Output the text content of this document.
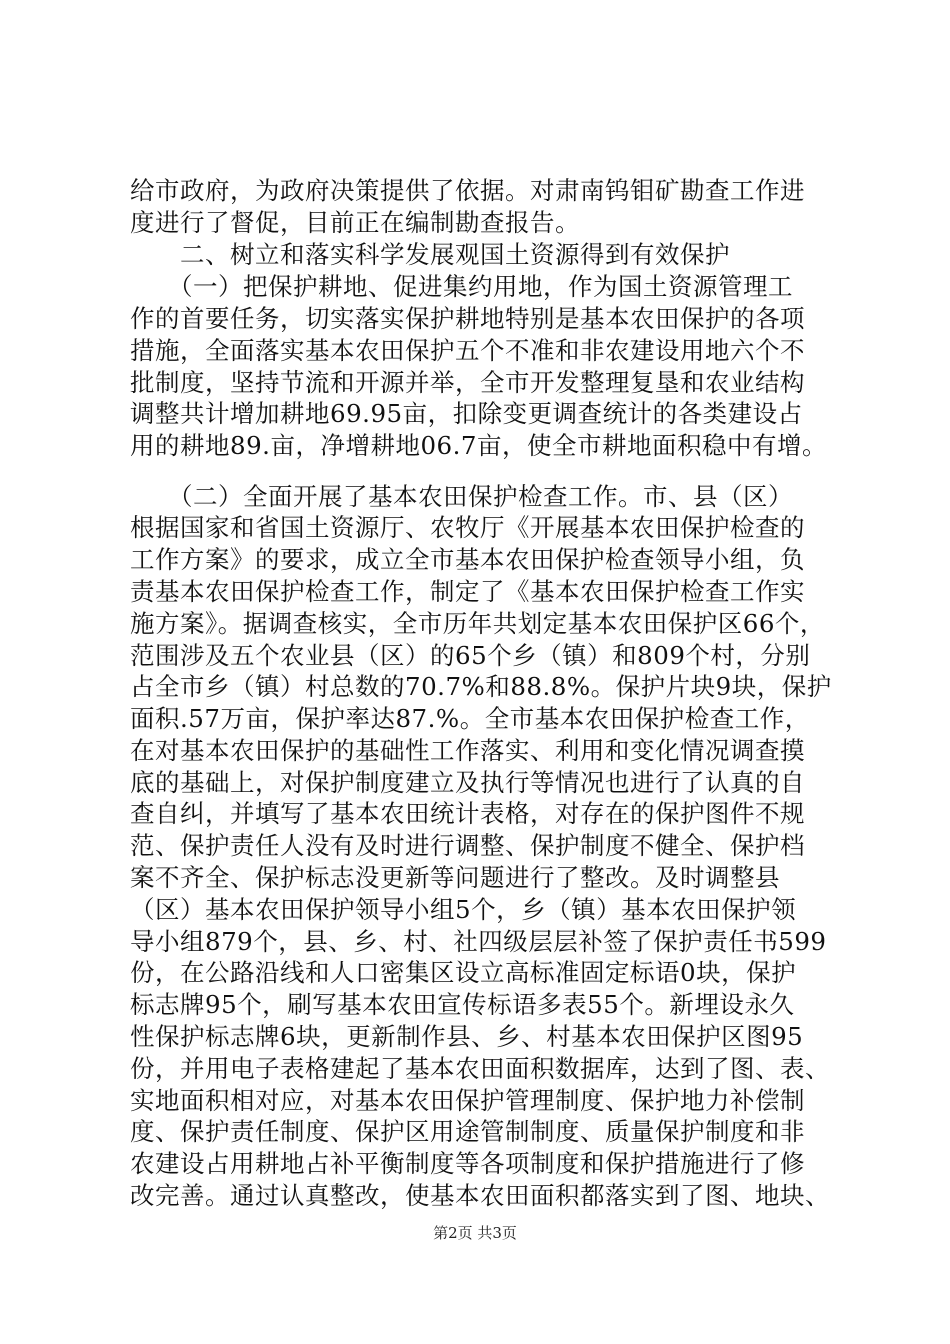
给市政府，为政府决策提供了依据。对肃南钨钼矿勘查工作进
度进行了督促，目前正在编制勘查报告。
二、树立和落实科学发展观国土资源得到有效保护
（一）把保护耕地、促进集约用地，作为国土资源管理工
作的首要任务，切实落实保护耕地特别是基本农田保护的各项
措施，全面落实基本农田保护五个不准和非农建设用地六个不
批制度，坚持节流和开源并举，全市开发整理复垦和农业结构
调整共计增加耕地69.95亩，扣除变更调查统计的各类建设占
用的耕地89.亩，净增耕地06.7亩，使全市耕地面积稳中有增。
（二）全面开展了基本农田保护检查工作。市、县（区）
根据国家和省国土资源厅、农牧厅《开展基本农田保护检查的
工作方案》的要求，成立全市基本农田保护检查领导小组，负
责基本农田保护检查工作，制定了《基本农田保护检查工作实
施方案》。据调查核实，全市历年共划定基本农田保护区66个，
范围涉及五个农业县（区）的65个乡（镇）和809个村，分别
占全市乡（镇）村总数的70.7%和88.8%。保护片块9块，保护
面积.57万亩，保护率达87.%。全市基本农田保护检查工作，
在对基本农田保护的基础性工作落实、利用和变化情况调查摸
底的基础上，对保护制度建立及执行等情况也进行了认真的自
查自纠，并填写了基本农田统计表格，对存在的保护图件不规
范、保护责任人没有及时进行调整、保护制度不健全、保护档
案不齐全、保护标志没更新等问题进行了整改。及时调整县
（区）基本农田保护领导小组5个，乡（镇）基本农田保护领
导小组879个，县、乡、村、社四级层层补签了保护责任书599
份，在公路沿线和人口密集区设立高标准固定标语0块，保护
标志牌95个，刷写基本农田宣传标语多表55个。新埋设永久
性保护标志牌6块，更新制作县、乡、村基本农田保护区图95
份，并用电子表格建起了基本农田面积数据库，达到了图、表、
实地面积相对应，对基本农田保护管理制度、保护地力补偿制
度、保护责任制度、保护区用途管制制度、质量保护制度和非
农建设占用耕地占补平衡制度等各项制度和保护措施进行了修
改完善。通过认真整改，使基本农田面积都落实到了图、地块、
第2页 共3页
